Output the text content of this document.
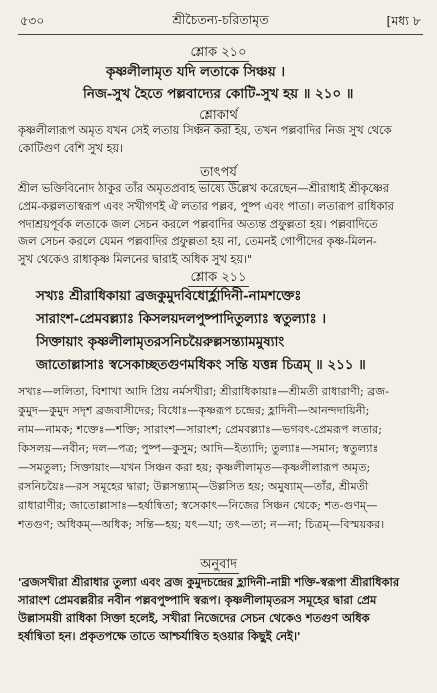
৫৩০	শ্রীচৈতন্য-চরিতামৃত	[মধ্য ৮
শ্লোক ২১০
কৃষ্ণলীলামৃত যদি লতাকে সিঞ্চয় ।
নিজ-সুখ হৈতে পল্লবাদ্যের কোটি-সুখ হয় ॥ ২১০ ॥
শ্লোকার্থ
কৃষ্ণলীলারূপ অমৃত যখন সেই লতায় সিঞ্চন করা হয়, তখন পল্লবাদির নিজ সুখ থেকে
কোটিগুণ বেশি সুখ হয়।
তাৎপর্য
শ্রীল ভক্তিবিনোদ ঠাকুর তাঁর অমৃতপ্রবাহ ভাষ্যে উল্লেখ করেছেন—শ্রীরাধাই শ্রীকৃষ্ণের
প্রেম-কল্পলতাস্বরূপ এবং সখীগণই ঐ লতার পল্লব, পুষ্প এবং পাতা। লতারূপ রাধিকার
পদাশ্রয়পূর্বক লতাকে জল সেচন করলে পল্লবাদির অত্যন্ত প্রফুল্লতা হয়। পল্লবাদিতে
জল সেচন করলে যেমন পল্লবাদির প্রফুল্লতা হয় না, তেমনই গোপীদের কৃষ্ণ-মিলন-
সুখ থেকেও রাধাকৃষ্ণ মিলনের দ্বারাই অধিক সুখ হয়।"
শ্লোক ২১১
সখ্যঃ শ্রীরাধিকায়া ব্রজকুমুদবিধোর্হ্লাদিনী-নামশক্তেঃ
সারাংশ-প্রেমবল্ল্যাঃ কিসলয়দলপুষ্পাদিতুল্যাঃ স্বতুল্যাঃ ।
সিক্তায়াং কৃষ্ণলীলামৃতরসনিচয়ৈরুল্লসন্ত্যামমুষ্যাং
জাতোল্লাসাঃ স্বসেকাচ্ছতগুণমধিকং সন্তি যত্তন্ন চিত্রম্‌ ॥ ২১১ ॥
সখ্যঃ—ললিতা, বিশাখা আদি প্রিয় নর্মসখীরা; শ্রীরাধিকায়াঃ—শ্রীমতী রাধারাণী; ব্রজ-
কুমুদ—কুমুদ সদৃশ ব্রজবাসীদের; বিধোঃ—কৃষ্ণরূপ চন্দ্রের; হ্লাদিনী—আনন্দদায়িনী;
নাম—নামক; শক্তেঃ—শক্তি; সারাংশ—সারাংশ; প্রেমবল্ল্যাঃ—ভগবৎ-প্রেমরূপ লতার;
কিসলয়—নবীন; দল—পত্র; পুষ্প—কুসুম; আদি—ইত্যাদি; তুল্যাঃ—সমান; স্বতুল্যাঃ
—সমতুল্য; সিক্তায়াং—যখন সিঞ্চন করা হয়; কৃষ্ণলীলামৃত—কৃষ্ণলীলারূপ অমৃত;
রসনিচয়ৈঃ—রস সমূহের দ্বারা; উল্লসন্ত্যাম্—উল্লসিত হয়; অমুষ্যাম্—তাঁর, শ্রীমতী
রাধারাণীর; জাতোল্লাসাঃ—হর্ষান্বিতা; স্বসেকাৎ—নিজের সিঞ্চন থেকে; শত-গুণম্—
শতগুণ; অধিকম্—অধিক; সন্তি—হয়; যৎ—যা; তৎ—তা; ন—না; চিত্রম্—বিস্ময়কর।
অনুবাদ
'ব্রজসখীরা শ্রীরাধার তুল্যা এবং ব্রজ কুমুদচন্দ্রের হ্লাদিনী-নাম্নী শক্তি-স্বরূপা শ্রীরাধিকার
সারাংশ প্রেমবল্লরীর নবীন পল্লবপুষ্পাদি স্বরূপ। কৃষ্ণলীলামৃতরস সমূহের দ্বারা প্রেম
উল্লাসময়ী রাধিকা সিক্তা হলেই, সখীরা নিজেদের সেচন থেকেও শতগুণ অধিক
হর্ষান্বিতা হন। প্রকৃতপক্ষে তাতে আশ্চর্যান্বিত হওয়ার কিছুই নেই।'
